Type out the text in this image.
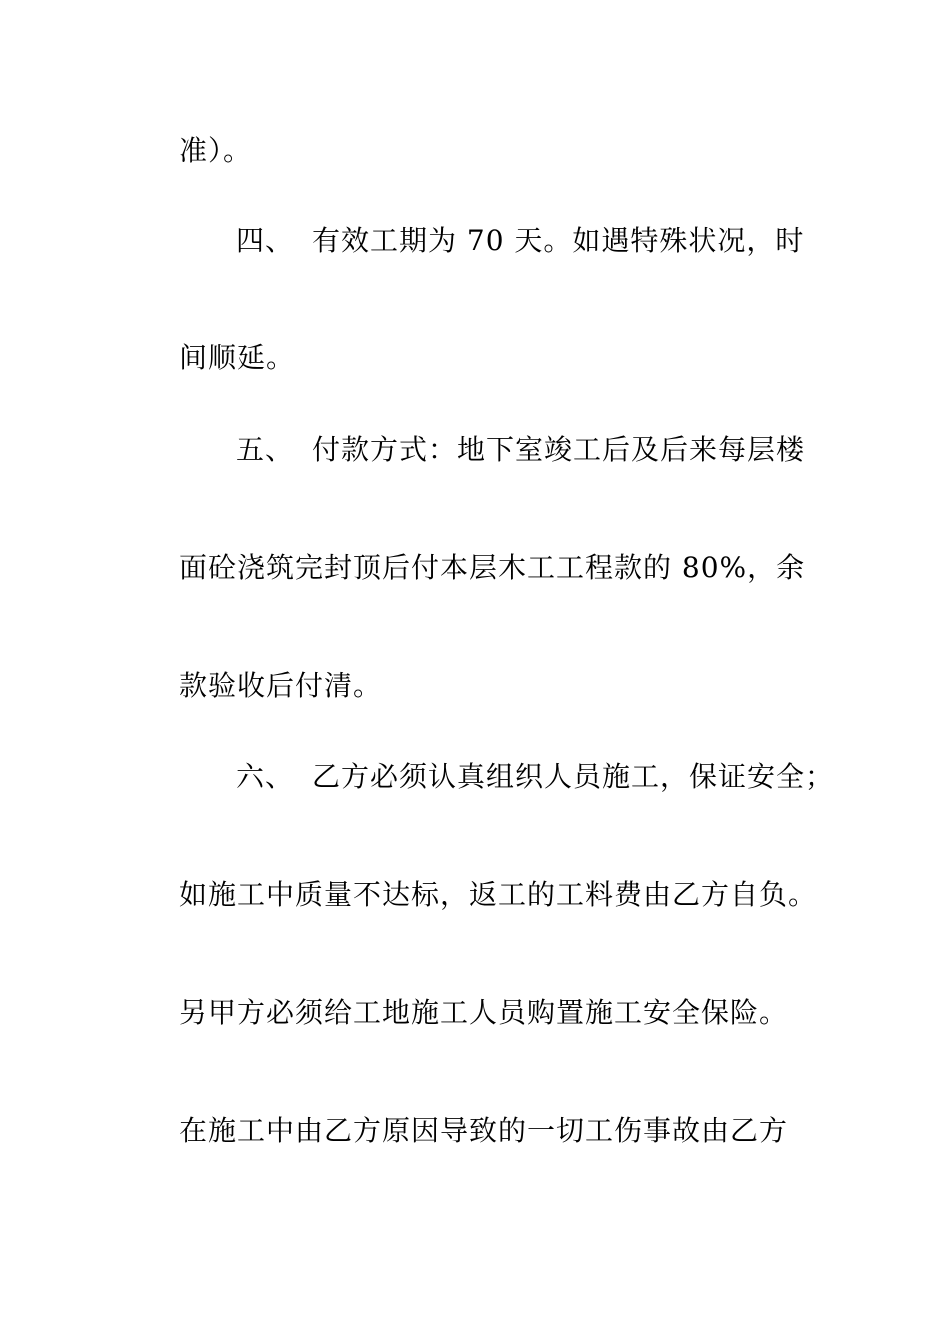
准）。
四、 有效工期为 70 天。如遇特殊状况，时
间顺延。
五、 付款方式：地下室竣工后及后来每层楼
面砼浇筑完封顶后付本层木工工程款的 80%，余
款验收后付清。
六、 乙方必须认真组织人员施工，保证安全；
如施工中质量不达标，返工的工料费由乙方自负。
另甲方必须给工地施工人员购置施工安全保险。
在施工中由乙方原因导致的一切工伤事故由乙方
